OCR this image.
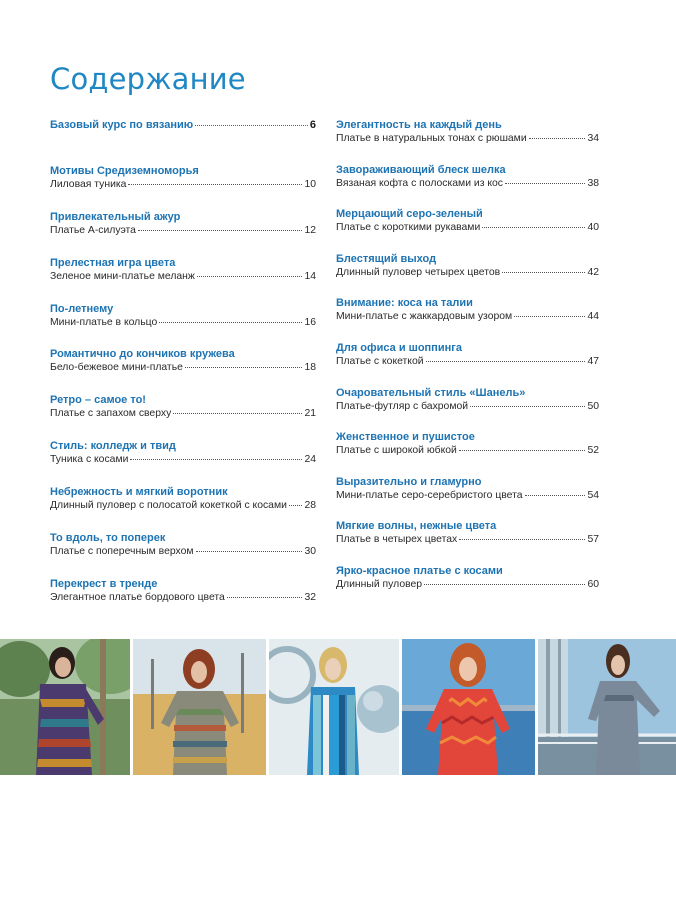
Содержание
Базовый курс по вязанию	6
Мотивы Средиземноморья
Лиловая туника	10
Привлекательный ажур
Платье А-силуэта	12
Прелестная игра цвета
Зеленое мини-платье меланж	14
По-летнему
Мини-платье в кольцо	16
Романтично до кончиков кружева
Бело-бежевое мини-платье	18
Ретро – самое то!
Платье с запахом сверху	21
Стиль: колледж и твид
Туника с косами	24
Небрежность и мягкий воротник
Длинный пуловер с полосатой кокеткой с косами 28
То вдоль, то поперек
Платье с поперечным верхом	30
Перекрест в тренде
Элегантное платье бордового цвета	32
Элегантность на каждый день
Платье в натуральных тонах с рюшами	34
Завораживающий блеск шелка
Вязаная кофта с полосками из кос	38
Мерцающий серо-зеленый
Платье с короткими рукавами	40
Блестящий выход
Длинный пуловер четырех цветов	42
Внимание: коса на талии
Мини-платье с жаккардовым узором	44
Для офиса и шоппинга
Платье с кокеткой	47
Очаровательный стиль «Шанель»
Платье-футляр с бахромой	50
Женственное и пушистое
Платье с широкой юбкой	52
Выразительно и гламурно
Мини-платье серо-серебристого цвета	54
Мягкие волны, нежные цвета
Платье в четырех цветах	57
Ярко-красное платье с косами
Длинный пуловер	60
